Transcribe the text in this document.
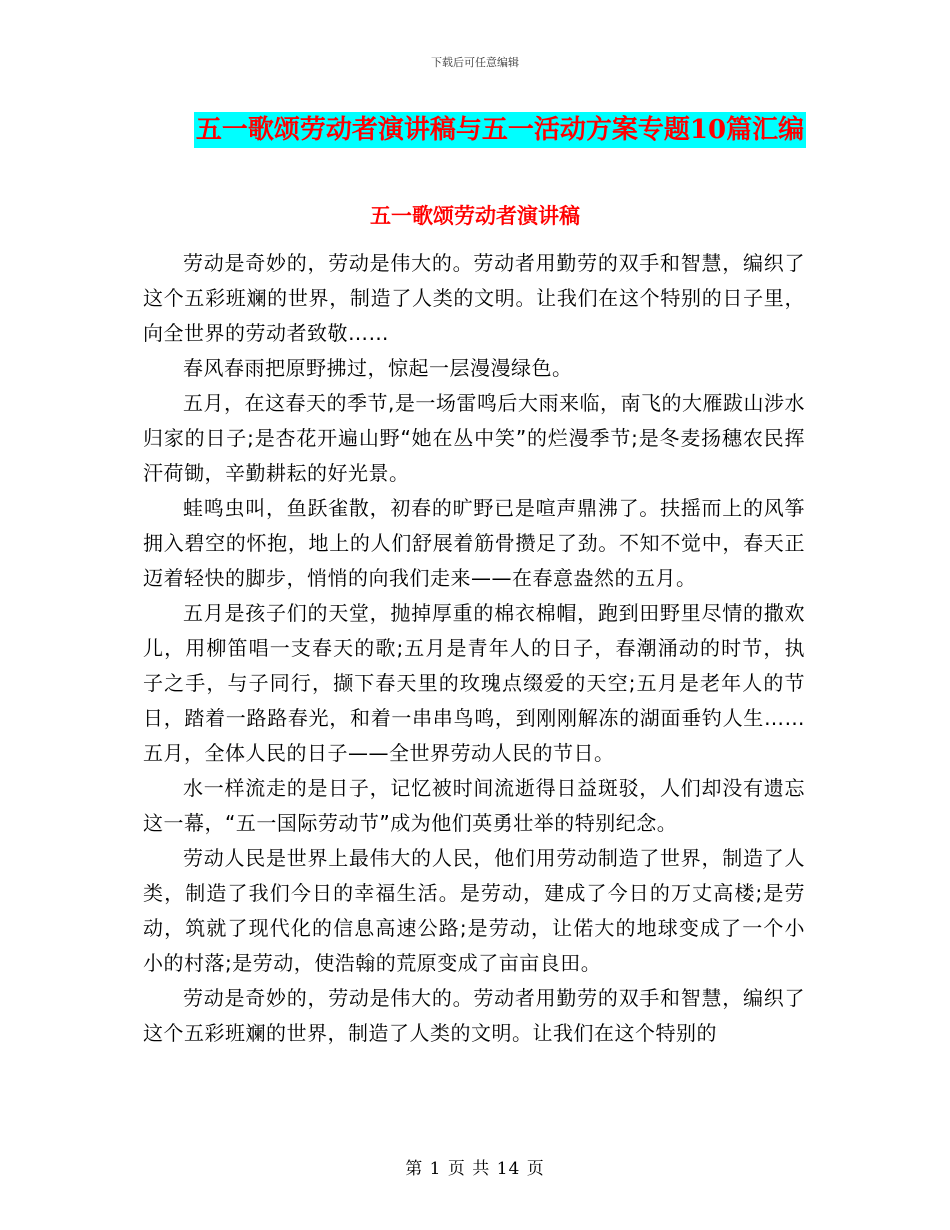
下载后可任意编辑
五一歌颂劳动者演讲稿与五一活动方案专题10篇汇编
五一歌颂劳动者演讲稿

劳动是奇妙的，劳动是伟大的。劳动者用勤劳的双手和智慧，编织了这个五彩班斓的世界，制造了人类的文明。让我们在这个特别的日子里，向全世界的劳动者致敬……

春风春雨把原野拂过，惊起一层漫漫绿色。

五月，在这春天的季节,是一场雷鸣后大雨来临，南飞的大雁跋山涉水归家的日子;是杏花开遍山野“她在丛中笑”的烂漫季节;是冬麦扬穗农民挥汗荷锄，辛勤耕耘的好光景。

蛙鸣虫叫，鱼跃雀散，初春的旷野已是喧声鼎沸了。扶摇而上的风筝拥入碧空的怀抱，地上的人们舒展着筋骨攒足了劲。不知不觉中，春天正迈着轻快的脚步，悄悄的向我们走来——在春意盎然的五月。

五月是孩子们的天堂，抛掉厚重的棉衣棉帽，跑到田野里尽情的撒欢儿，用柳笛唱一支春天的歌;五月是青年人的日子，春潮涌动的时节，执子之手，与子同行，撷下春天里的玫瑰点缀爱的天空;五月是老年人的节日，踏着一路路春光，和着一串串鸟鸣，到刚刚解冻的湖面垂钓人生……五月，全体人民的日子——全世界劳动人民的节日。

水一样流走的是日子，记忆被时间流逝得日益斑驳，人们却没有遗忘这一幕，“五一国际劳动节”成为他们英勇壮举的特别纪念。

劳动人民是世界上最伟大的人民，他们用劳动制造了世界，制造了人类，制造了我们今日的幸福生活。是劳动，建成了今日的万丈高楼;是劳动，筑就了现代化的信息高速公路;是劳动，让偌大的地球变成了一个小小的村落;是劳动，使浩翰的荒原变成了亩亩良田。

劳动是奇妙的，劳动是伟大的。劳动者用勤劳的双手和智慧，编织了这个五彩班斓的世界，制造了人类的文明。让我们在这个特别的

第 1 页 共 14 页
